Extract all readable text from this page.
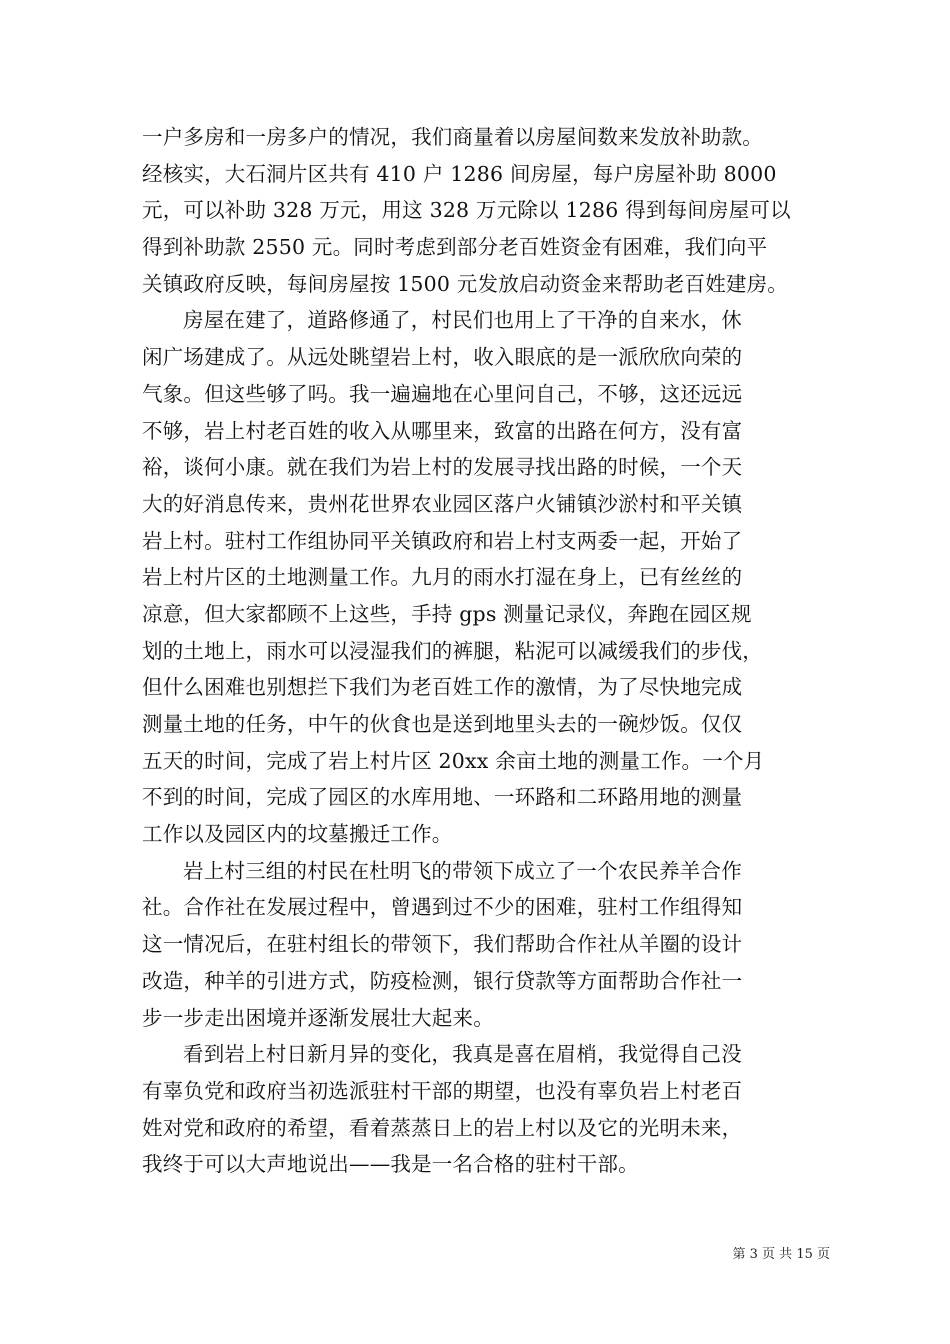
一户多房和一房多户的情况，我们商量着以房屋间数来发放补助款。
经核实，大石洞片区共有 410 户 1286 间房屋，每户房屋补助 8000
元，可以补助 328 万元，用这 328 万元除以 1286 得到每间房屋可以
得到补助款 2550 元。同时考虑到部分老百姓资金有困难，我们向平
关镇政府反映，每间房屋按 1500 元发放启动资金来帮助老百姓建房。
房屋在建了，道路修通了，村民们也用上了干净的自来水，休
闲广场建成了。从远处眺望岩上村，收入眼底的是一派欣欣向荣的
气象。但这些够了吗。我一遍遍地在心里问自己，不够，这还远远
不够，岩上村老百姓的收入从哪里来，致富的出路在何方，没有富
裕，谈何小康。就在我们为岩上村的发展寻找出路的时候，一个天
大的好消息传来，贵州花世界农业园区落户火铺镇沙淤村和平关镇
岩上村。驻村工作组协同平关镇政府和岩上村支两委一起，开始了
岩上村片区的土地测量工作。九月的雨水打湿在身上，已有丝丝的
凉意，但大家都顾不上这些，手持 gps 测量记录仪，奔跑在园区规
划的土地上，雨水可以浸湿我们的裤腿，粘泥可以减缓我们的步伐，
但什么困难也别想拦下我们为老百姓工作的激情，为了尽快地完成
测量土地的任务，中午的伙食也是送到地里头去的一碗炒饭。仅仅
五天的时间，完成了岩上村片区 20xx 余亩土地的测量工作。一个月
不到的时间，完成了园区的水库用地、一环路和二环路用地的测量
工作以及园区内的坟墓搬迁工作。
岩上村三组的村民在杜明飞的带领下成立了一个农民养羊合作
社。合作社在发展过程中，曾遇到过不少的困难，驻村工作组得知
这一情况后，在驻村组长的带领下，我们帮助合作社从羊圈的设计
改造，种羊的引进方式，防疫检测，银行贷款等方面帮助合作社一
步一步走出困境并逐渐发展壮大起来。
看到岩上村日新月异的变化，我真是喜在眉梢，我觉得自己没
有辜负党和政府当初选派驻村干部的期望，也没有辜负岩上村老百
姓对党和政府的希望，看着蒸蒸日上的岩上村以及它的光明未来，
我终于可以大声地说出——我是一名合格的驻村干部。
第 3 页 共 15 页
